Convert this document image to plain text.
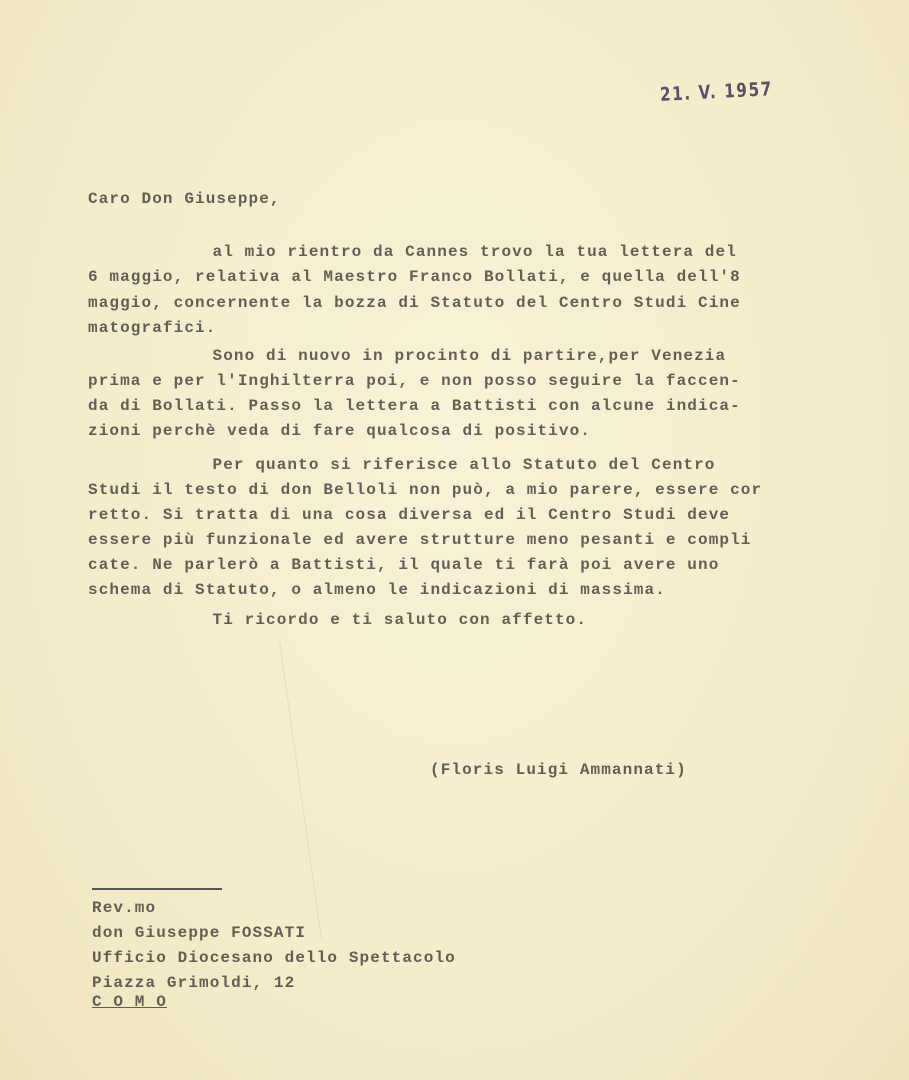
21. V. 1957
Caro Don Giuseppe,
al mio rientro da Cannes trovo la tua lettera del
6 maggio, relativa al Maestro Franco Bollati, e quella dell'8
maggio, concernente la bozza di Statuto del Centro Studi Cine
matografici.
Sono di nuovo in procinto di partire,per Venezia
prima e per l'Inghilterra poi, e non posso seguire la faccen-
da di Bollati. Passo la lettera a Battisti con alcune indica-
zioni perchè veda di fare qualcosa di positivo.
Per quanto si riferisce allo Statuto del Centro
Studi il testo di don Belloli non può, a mio parere, essere cor
retto. Si tratta di una cosa diversa ed il Centro Studi deve
essere più funzionale ed avere strutture meno pesanti e compli
cate. Ne parlerò a Battisti, il quale ti farà poi avere uno
schema di Statuto, o almeno le indicazioni di massima.
Ti ricordo e ti saluto con affetto.
(Floris Luigi Ammannati)
Rev.mo
don Giuseppe FOSSATI
Ufficio Diocesano dello Spettacolo
Piazza Grimoldi, 12
C O M O
